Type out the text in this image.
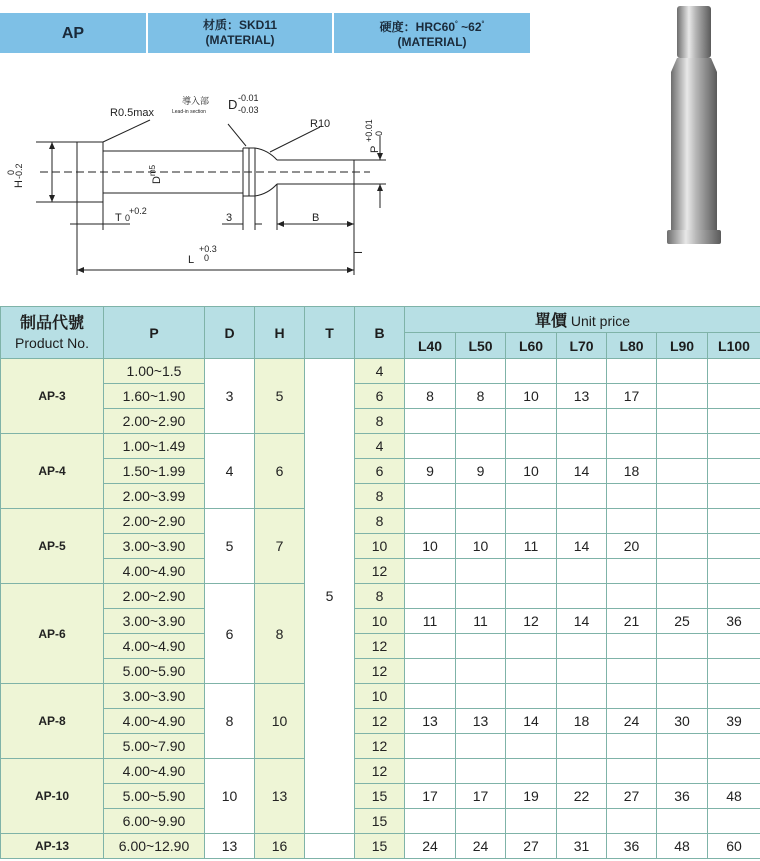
AP	材质：SKD11
(MATERIAL)
硬度：HRC60° ~62°
(MATERIAL)
R0.5max
導入部
Lead-in section D -0.01
-0.03
R10
$D^{m5}$
I
P
+0.01 0
H
0
-0.2
T
+0.2
0	3	B
L
+0.3
0
制品代號
Product No.	P	D	H	T	B	單價 Unit price						
						L40	L50	L60	L70	L80	L90	L100
AP-3	1.00~1.5	3	5	5	4							
	1.60~1.90				6	8	8	10	13	17		
	2.00~2.90				8							
AP-4	1.00~1.49	4	6		4							
	1.50~1.99				6	9	9	10	14	18		
	2.00~3.99				8							
AP-5	2.00~2.90	5	7		8							
	3.00~3.90				10	10	10	11	14	20		
	4.00~4.90				12							
AP-6	2.00~2.90	6	8		8							
	3.00~3.90				10	11	11	12	14	21	25	36
	4.00~4.90				12							
	5.00~5.90				12							
AP-8	3.00~3.90	8	10		10							
	4.00~4.90				12	13	13	14	18	24	30	39
	5.00~7.90				12							
AP-10	4.00~4.90	10	13		12							
	5.00~5.90				15	17	17	19	22	27	36	48
	6.00~9.90				15							
AP-13	6.00~12.90	13	16		15	24	24	27	31	36	48	60
